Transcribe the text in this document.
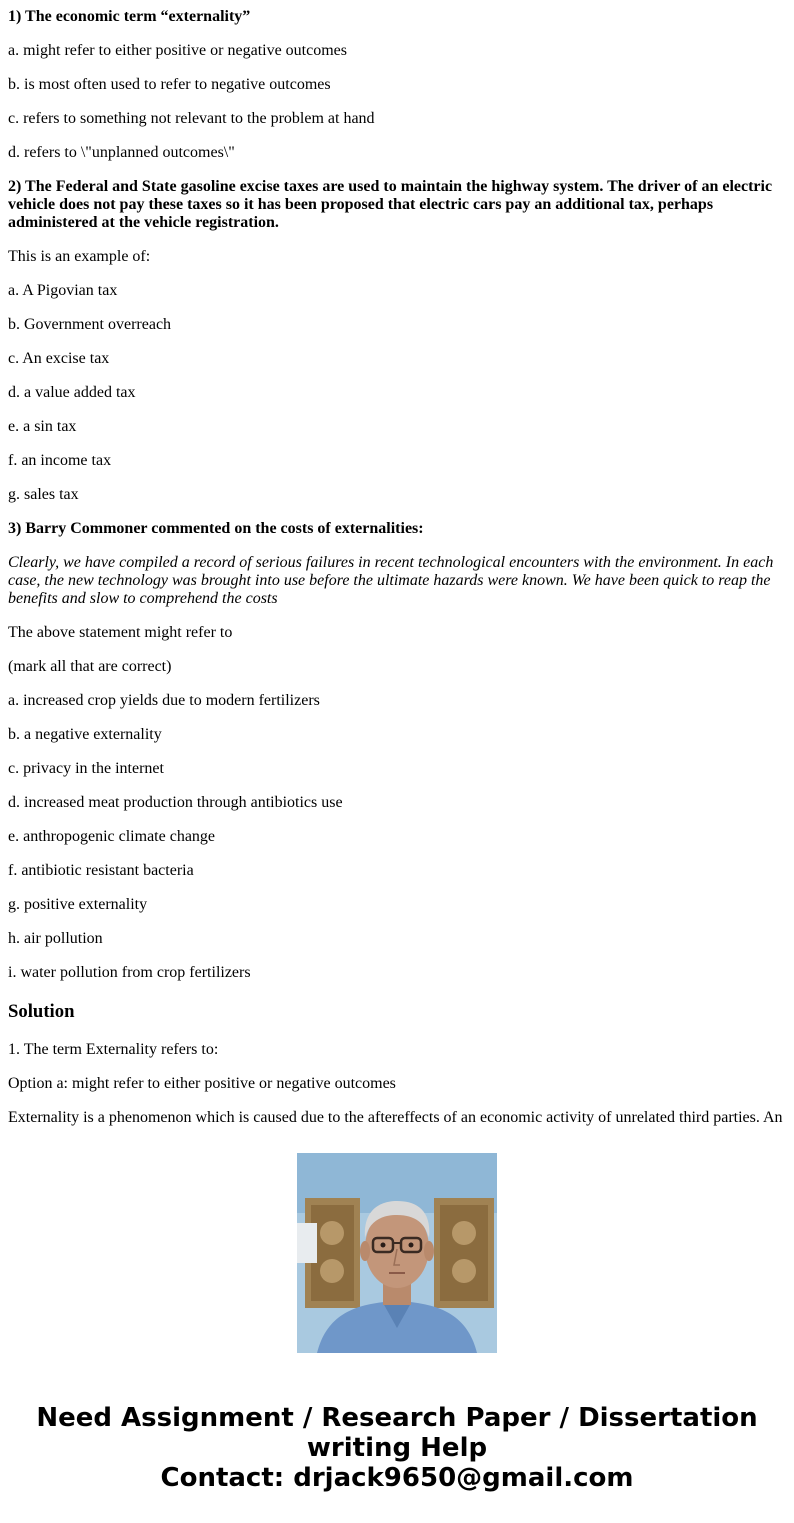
1) The economic term “externality”

a. might refer to either positive or negative outcomes

b. is most often used to refer to negative outcomes

c. refers to something not relevant to the problem at hand

d. refers to \"unplanned outcomes\"

2) The Federal and State gasoline excise taxes are used to maintain the highway system. The driver of an electric vehicle does not pay these taxes so it has been proposed that electric cars pay an additional tax, perhaps administered at the vehicle registration.

This is an example of:

a. A Pigovian tax

b. Government overreach

c. An excise tax

d. a value added tax

e. a sin tax

f. an income tax

g. sales tax

3) Barry Commoner commented on the costs of externalities:

Clearly, we have compiled a record of serious failures in recent technological encounters with the environment. In each case, the new technology was brought into use before the ultimate hazards were known. We have been quick to reap the benefits and slow to comprehend the costs

The above statement might refer to

(mark all that are correct)

a. increased crop yields due to modern fertilizers

b. a negative externality

c. privacy in the internet

d. increased meat production through antibiotics use

e. anthropogenic climate change

f. antibiotic resistant bacteria

g. positive externality

h. air pollution

i. water pollution from crop fertilizers

Solution

1. The term Externality refers to:

Option a: might refer to either positive or negative outcomes

Externality is a phenomenon which is caused due to the aftereffects of an economic activity of unrelated third parties. An

Need Assignment / Research Paper / Dissertation
writing Help
Contact: drjack9650@gmail.com
